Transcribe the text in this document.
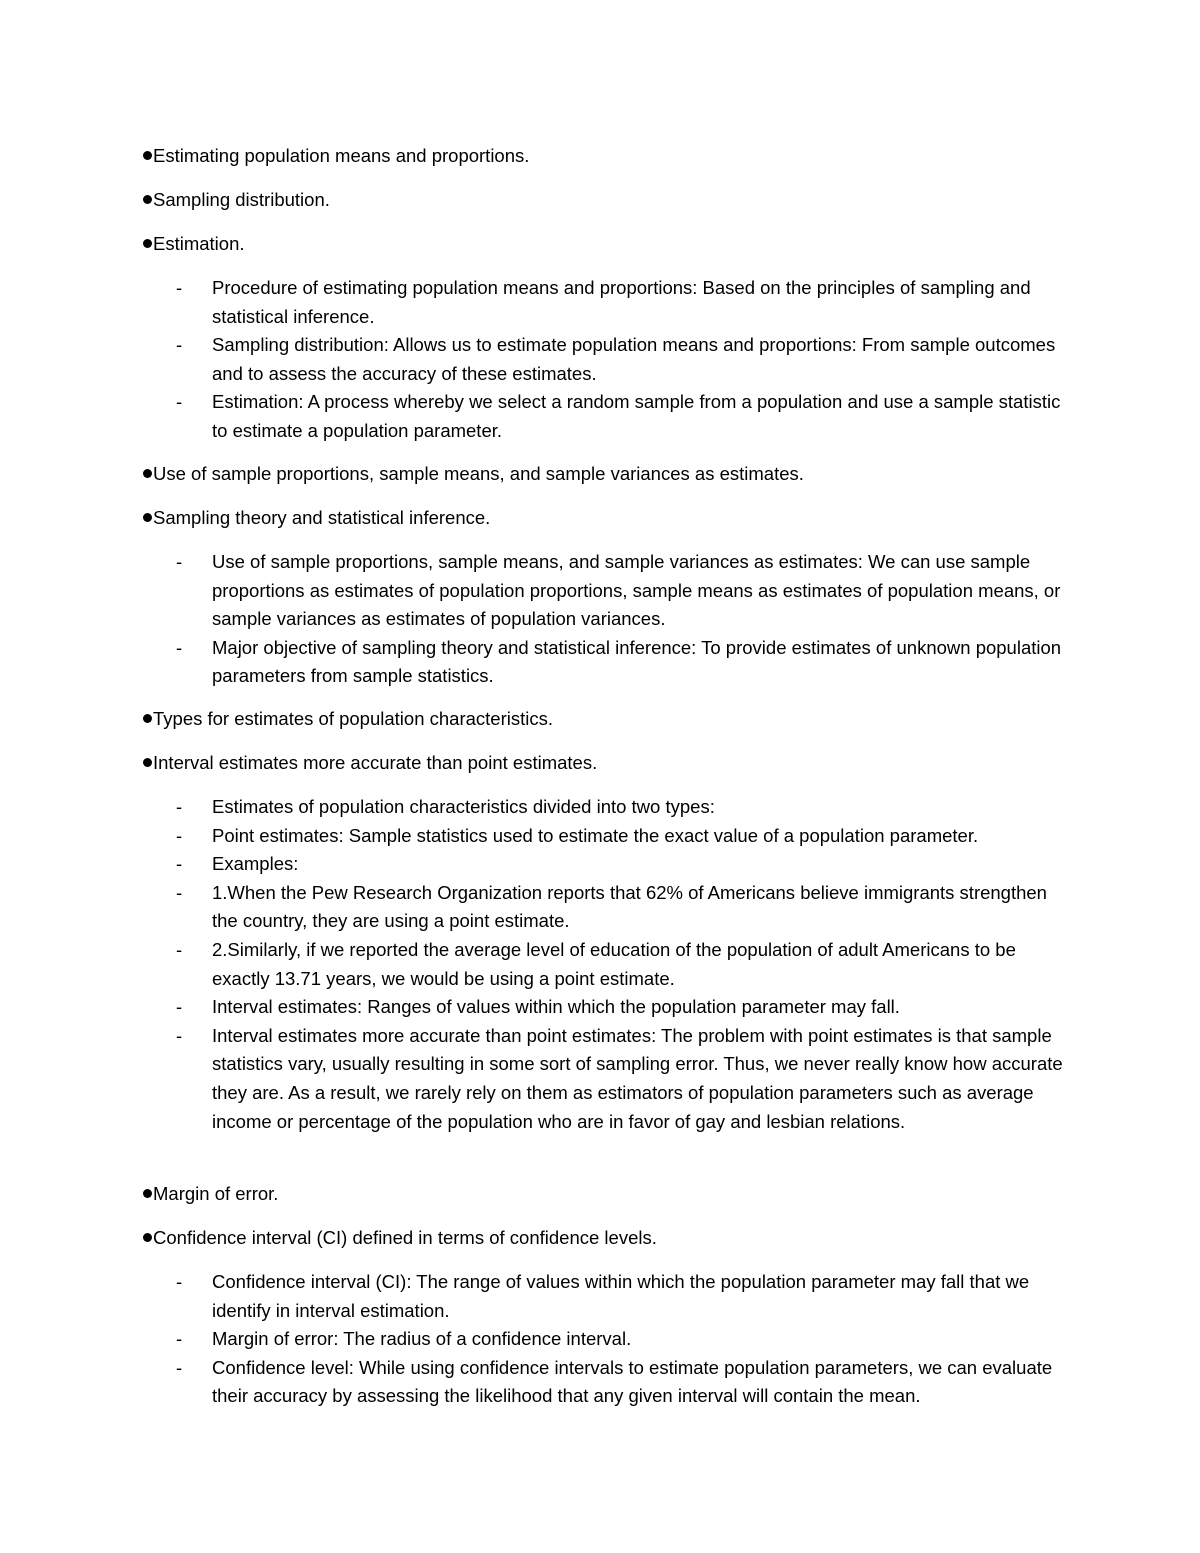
Estimating population means and proportions.
Sampling distribution.
Estimation.
- Procedure of estimating population means and proportions: Based on the principles of sampling and statistical inference.
- Sampling distribution: Allows us to estimate population means and proportions: From sample outcomes and to assess the accuracy of these estimates.
- Estimation: A process whereby we select a random sample from a population and use a sample statistic to estimate a population parameter.
Use of sample proportions, sample means, and sample variances as estimates.
Sampling theory and statistical inference.
- Use of sample proportions, sample means, and sample variances as estimates: We can use sample proportions as estimates of population proportions, sample means as estimates of population means, or sample variances as estimates of population variances.
- Major objective of sampling theory and statistical inference: To provide estimates of unknown population parameters from sample statistics.
Types for estimates of population characteristics.
Interval estimates more accurate than point estimates.
- Estimates of population characteristics divided into two types:
- Point estimates: Sample statistics used to estimate the exact value of a population parameter.
- Examples:
- 1.When the Pew Research Organization reports that 62% of Americans believe immigrants strengthen the country, they are using a point estimate.
- 2.Similarly, if we reported the average level of education of the population of adult Americans to be exactly 13.71 years, we would be using a point estimate.
- Interval estimates: Ranges of values within which the population parameter may fall.
- Interval estimates more accurate than point estimates: The problem with point estimates is that sample statistics vary, usually resulting in some sort of sampling error. Thus, we never really know how accurate they are. As a result, we rarely rely on them as estimators of population parameters such as average income or percentage of the population who are in favor of gay and lesbian relations.
Margin of error.
Confidence interval (CI) defined in terms of confidence levels.
- Confidence interval (CI): The range of values within which the population parameter may fall that we identify in interval estimation.
- Margin of error: The radius of a confidence interval.
- Confidence level: While using confidence intervals to estimate population parameters, we can evaluate their accuracy by assessing the likelihood that any given interval will contain the mean.
